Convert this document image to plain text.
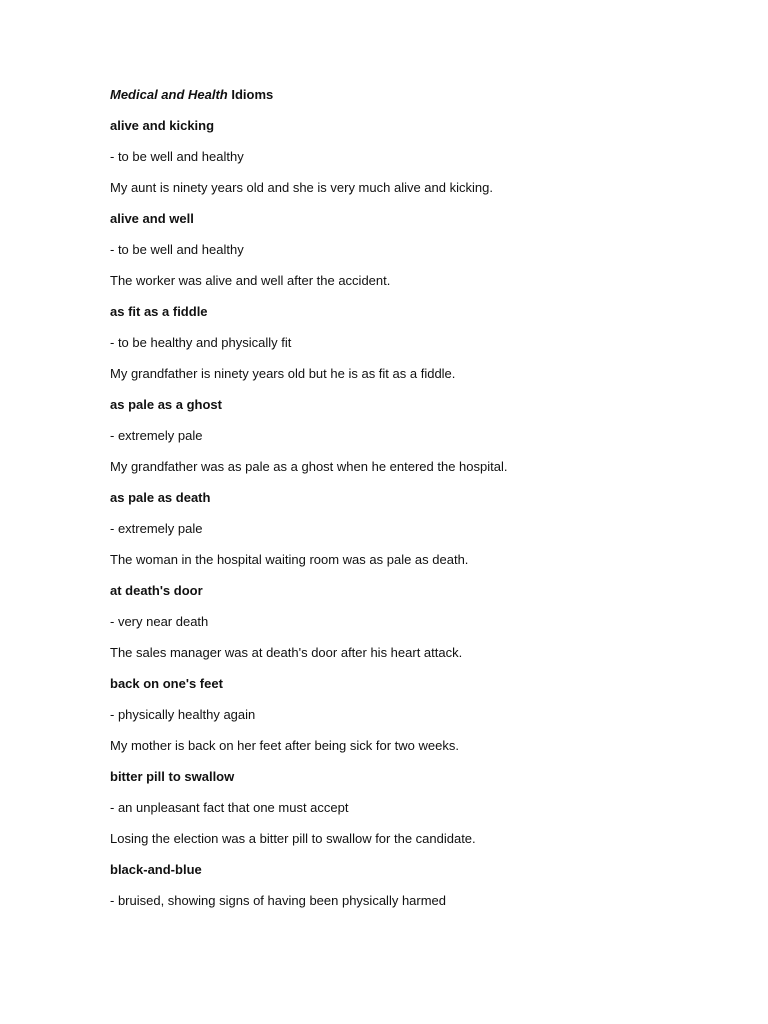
Medical and Health Idioms
alive and kicking
- to be well and healthy
My aunt is ninety years old and she is very much alive and kicking.
alive and well
- to be well and healthy
The worker was alive and well after the accident.
as fit as a fiddle
- to be healthy and physically fit
My grandfather is ninety years old but he is as fit as a fiddle.
as pale as a ghost
- extremely pale
My grandfather was as pale as a ghost when he entered the hospital.
as pale as death
- extremely pale
The woman in the hospital waiting room was as pale as death.
at death's door
- very near death
The sales manager was at death's door after his heart attack.
back on one's feet
- physically healthy again
My mother is back on her feet after being sick for two weeks.
bitter pill to swallow
- an unpleasant fact that one must accept
Losing the election was a bitter pill to swallow for the candidate.
black-and-blue
- bruised, showing signs of having been physically harmed
